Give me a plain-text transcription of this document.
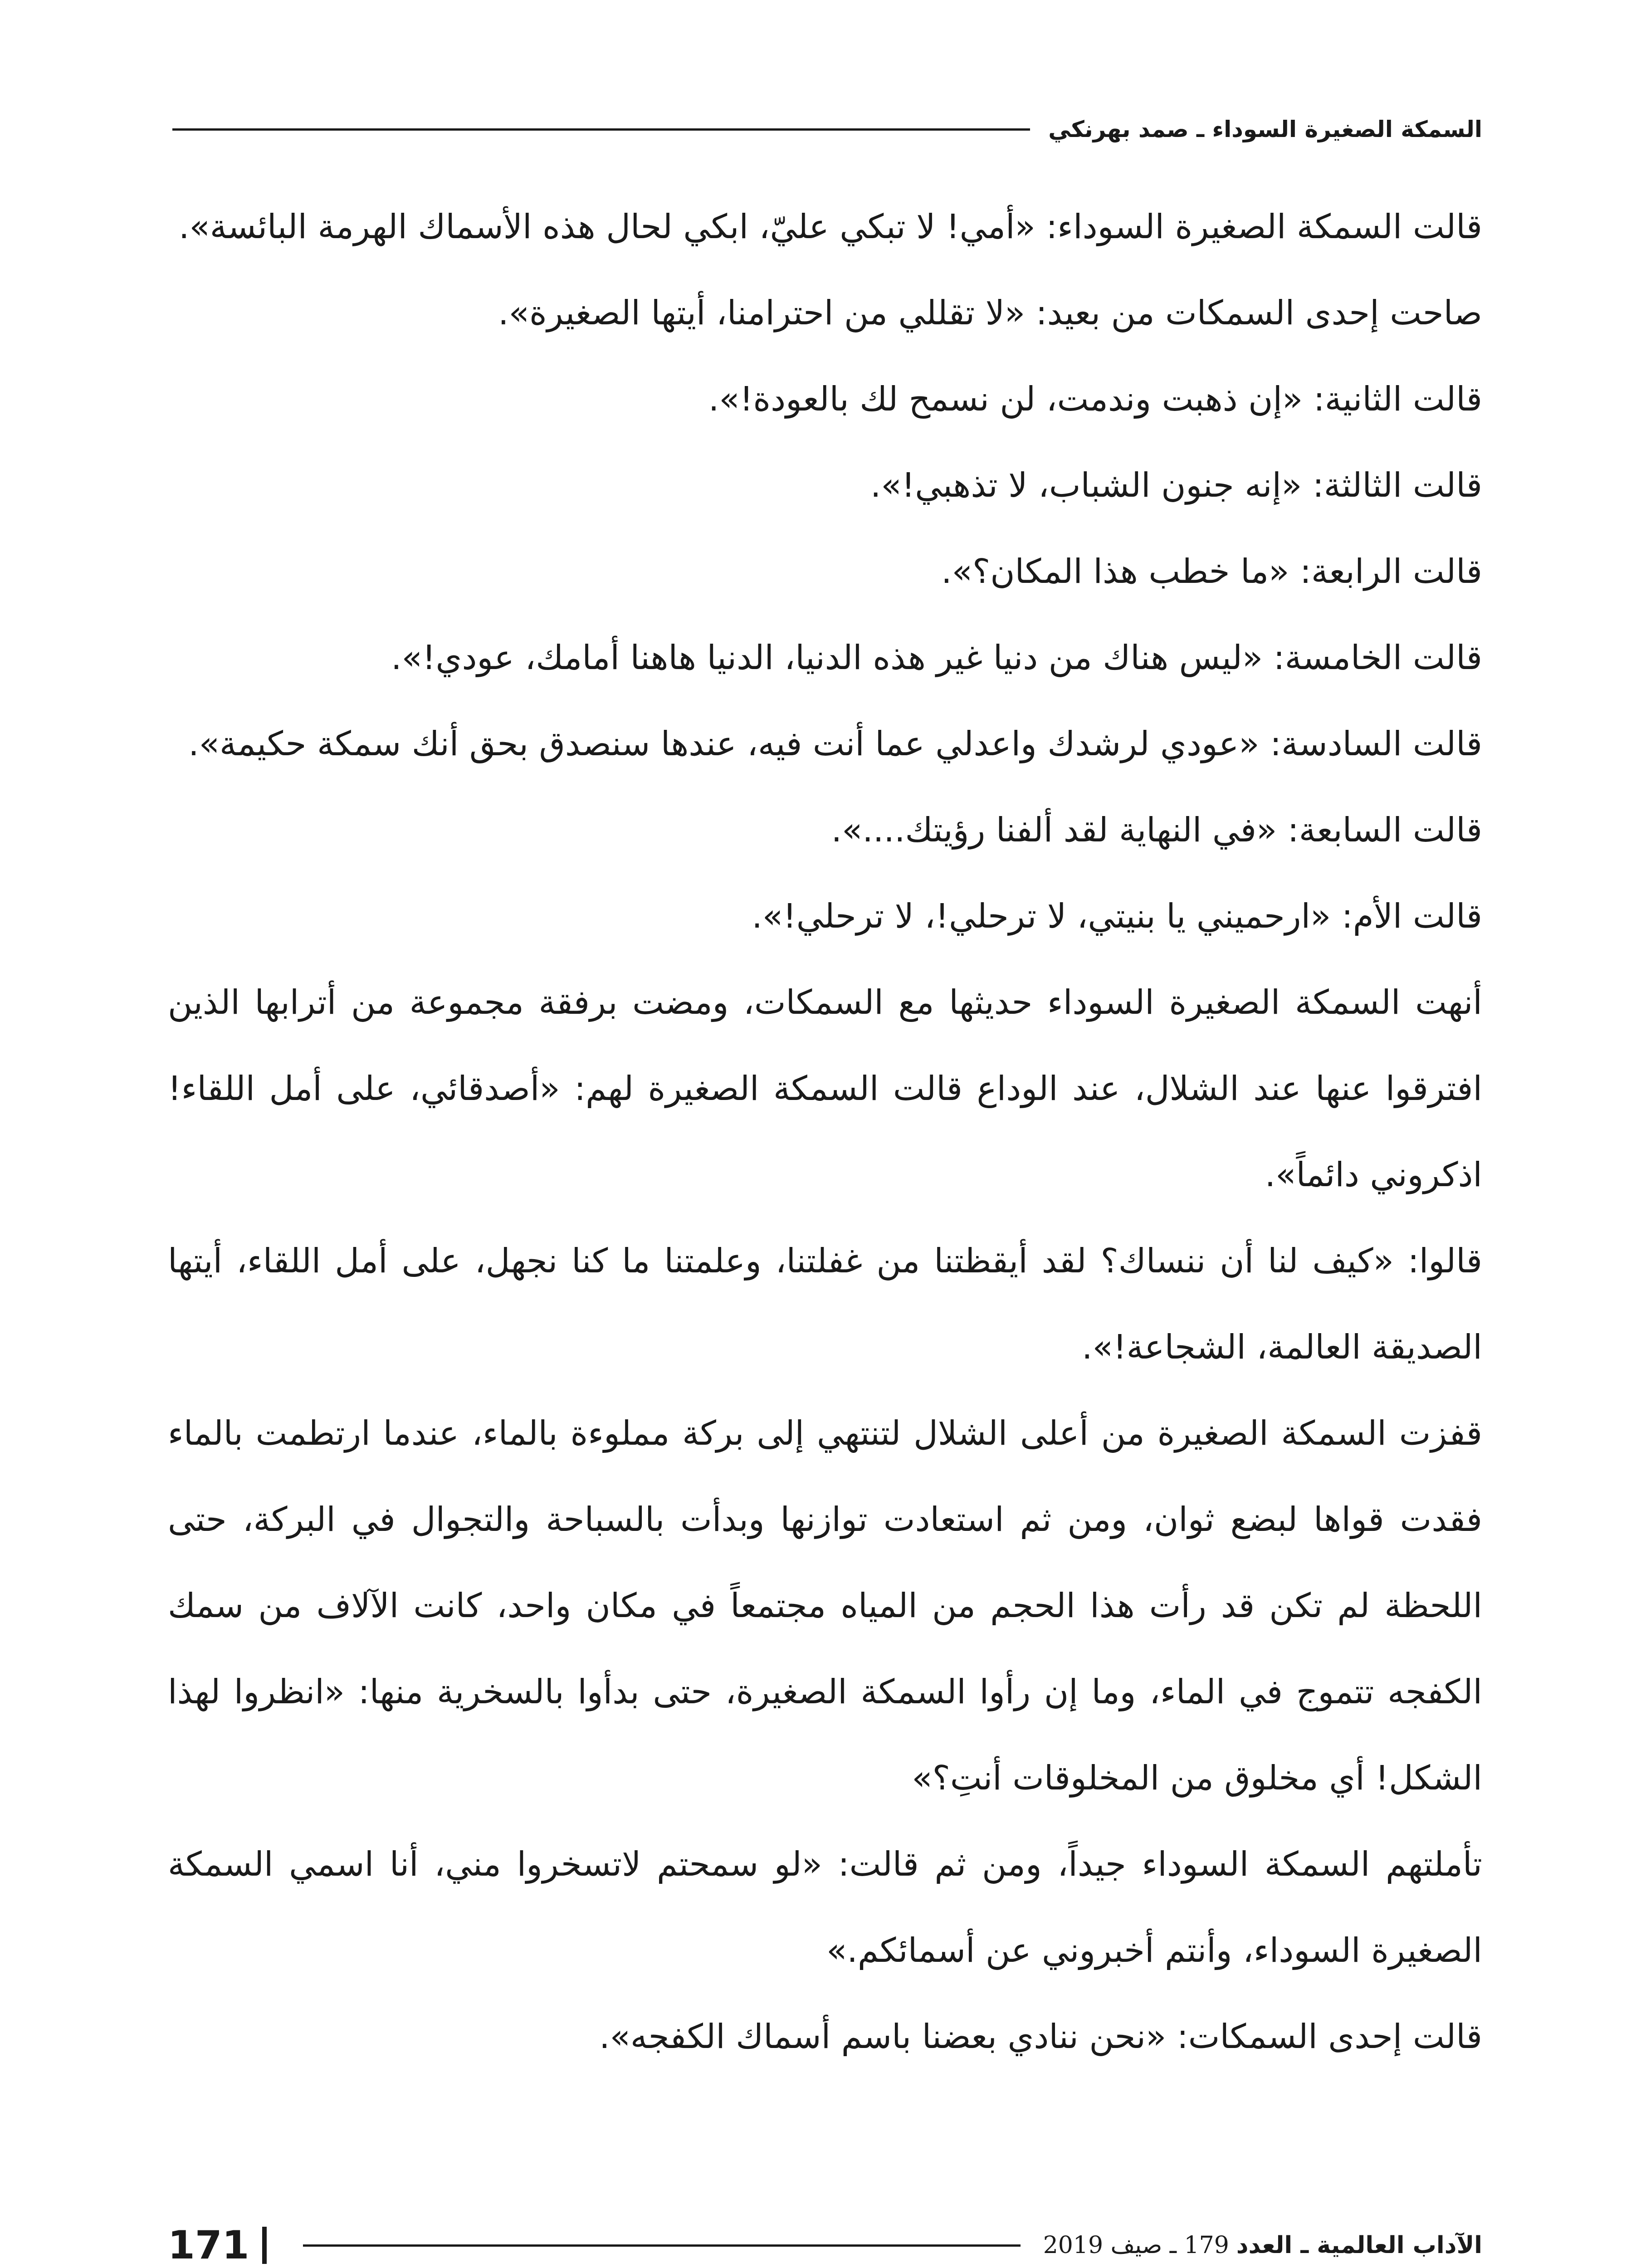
السمكة الصغيرة السوداء ـ صمد بهرنكي

قالت السمكة الصغيرة السوداء: «أمي! لا تبكي عليّ، ابكي لحال هذه الأسماك الهرمة البائسة».

صاحت إحدى السمكات من بعيد: «لا تقللي من احترامنا، أيتها الصغيرة».

قالت الثانية: «إن ذهبت وندمت، لن نسمح لك بالعودة!».

قالت الثالثة: «إنه جنون الشباب، لا تذهبي!».

قالت الرابعة: «ما خطب هذا المكان؟».

قالت الخامسة: «ليس هناك من دنيا غير هذه الدنيا، الدنيا هاهنا أمامك، عودي!».

قالت السادسة: «عودي لرشدك واعدلي عما أنت فيه، عندها سنصدق بحق أنك سمكة حكيمة».

قالت السابعة: «في النهاية لقد ألفنا رؤيتك....».

قالت الأم: «ارحميني يا بنيتي، لا ترحلي!، لا ترحلي!».

أنهت السمكة الصغيرة السوداء حديثها مع السمكات، ومضت برفقة مجموعة من أترابها الذين افترقوا عنها عند الشلال، عند الوداع قالت السمكة الصغيرة لهم: «أصدقائي، على أمل اللقاء! اذكروني دائماً».

قالوا: «كيف لنا أن ننساك؟ لقد أيقظتنا من غفلتنا، وعلمتنا ما كنا نجهل، على أمل اللقاء، أيتها الصديقة العالمة، الشجاعة!».

قفزت السمكة الصغيرة من أعلى الشلال لتنتهي إلى بركة مملوءة بالماء، عندما ارتطمت بالماء فقدت قواها لبضع ثوان، ومن ثم استعادت توازنها وبدأت بالسباحة والتجوال في البركة، حتى اللحظة لم تكن قد رأت هذا الحجم من المياه مجتمعاً في مكان واحد، كانت الآلاف من سمك الكفجه تتموج في الماء، وما إن رأوا السمكة الصغيرة، حتى بدأوا بالسخرية منها: «انظروا لهذا الشكل! أي مخلوق من المخلوقات أنتِ؟»

تأملتهم السمكة السوداء جيداً، ومن ثم قالت: «لو سمحتم لاتسخروا مني، أنا اسمي السمكة الصغيرة السوداء، وأنتم أخبروني عن أسمائكم.»

قالت إحدى السمكات: «نحن ننادي بعضنا باسم أسماك الكفجه».

الآداب العالمية ـ العدد
179 ـ صيف 2019
171
